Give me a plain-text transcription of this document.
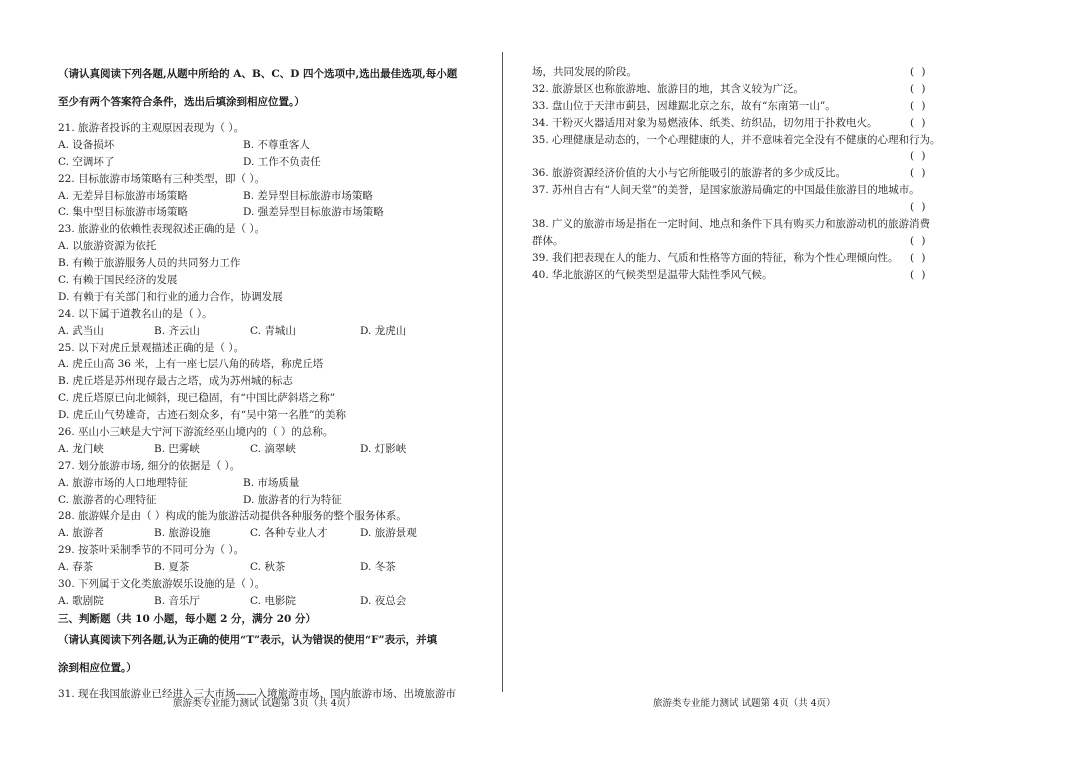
（请认真阅读下列各题,从题中所给的 A、B、C、D 四个选项中,选出最佳选项,每小题
至少有两个答案符合条件，选出后填涂到相应位置。）
21. 旅游者投诉的主观原因表现为（ ）。
A. 设备损坏	B. 不尊重客人
C. 空调坏了	D. 工作不负责任
22. 目标旅游市场策略有三种类型，即（ ）。
A. 无差异目标旅游市场策略	B. 差异型目标旅游市场策略
C. 集中型目标旅游市场策略	D. 强差异型目标旅游市场策略
23. 旅游业的依赖性表现叙述正确的是（ ）。
A. 以旅游资源为依托
B. 有赖于旅游服务人员的共同努力工作
C. 有赖于国民经济的发展
D. 有赖于有关部门和行业的通力合作，协调发展
24. 以下属于道教名山的是（ ）。
A. 武当山	B. 齐云山	C. 青城山	D. 龙虎山
25. 以下对虎丘景观描述正确的是（ ）。
A. 虎丘山高 36 米，上有一座七层八角的砖塔，称虎丘塔
B. 虎丘塔是苏州现存最古之塔，成为苏州城的标志
C. 虎丘塔原已向北倾斜，现已稳固，有“中国比萨斜塔之称”
D. 虎丘山气势雄奇，古迹石刻众多，有“吴中第一名胜”的美称
26. 巫山小三峡是大宁河下游流经巫山境内的（ ）的总称。
A. 龙门峡	B. 巴雾峡	C. 滴翠峡	D. 灯影峡
27. 划分旅游市场, 细分的依据是（ ）。
A. 旅游市场的人口地理特征	B. 市场质量
C. 旅游者的心理特征	D. 旅游者的行为特征
28. 旅游媒介是由（ ）构成的能为旅游活动提供各种服务的整个服务体系。
A. 旅游者	B. 旅游设施	C. 各种专业人才	D. 旅游景观
29. 按茶叶采制季节的不同可分为（ ）。
A. 春茶	B. 夏茶	C. 秋茶	D. 冬茶
30. 下列属于文化类旅游娱乐设施的是（ ）。
A. 歌剧院	B. 音乐厅	C. 电影院	D. 夜总会
三、判断题（共 10 小题，每小题 2 分，满分 20 分）
（请认真阅读下列各题,认为正确的使用“T”表示，认为错误的使用“F”表示，并填
涂到相应位置。）
31. 现在我国旅游业已经进入三大市场——入境旅游市场、国内旅游市场、出境旅游市
旅游类专业能力测试 试题第 3页（共 4页）
场，共同发展的阶段。	( )
32. 旅游景区也称旅游地、旅游目的地，其含义较为广泛。	( )
33. 盘山位于天津市蓟县，因雄踞北京之东，故有“东南第一山”。	( )
34. 干粉灭火器适用对象为易燃液体、纸类、纺织品，切勿用于扑救电火。	( )
35. 心理健康是动态的，一个心理健康的人，并不意味着完全没有不健康的心理和行为。
( )
36. 旅游资源经济价值的大小与它所能吸引的旅游者的多少成反比。	( )
37. 苏州自古有“人间天堂”的美誉，是国家旅游局确定的中国最佳旅游目的地城市。
( )
38. 广义的旅游市场是指在一定时间、地点和条件下具有购买力和旅游动机的旅游消费
群体。	( )
39. 我们把表现在人的能力、气质和性格等方面的特征，称为个性心理倾向性。 ( )
40. 华北旅游区的气候类型是温带大陆性季风气候。	( )
旅游类专业能力测试 试题第 4页（共 4页）
